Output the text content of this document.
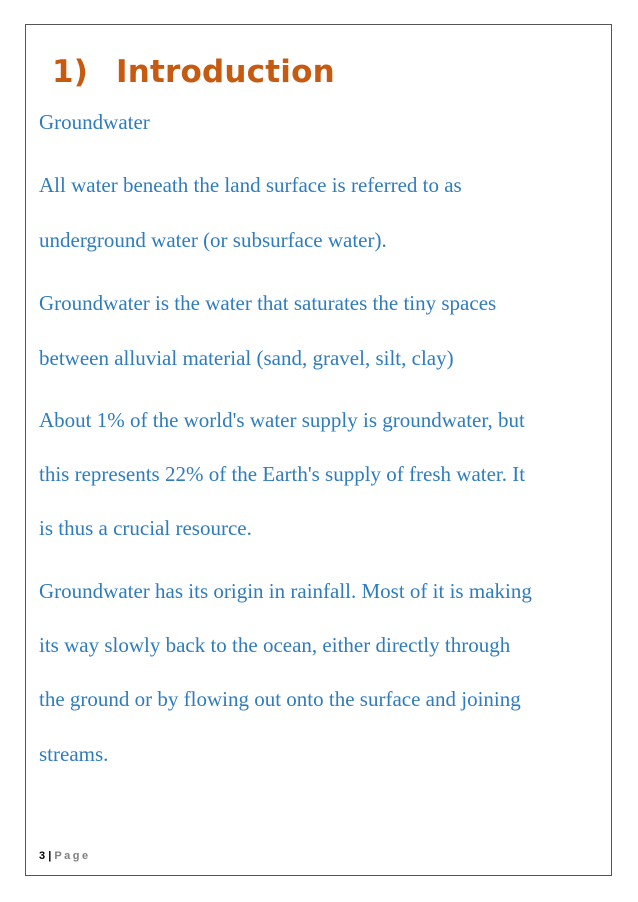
1) Introduction

Groundwater

All water beneath the land surface is referred to as

underground water (or subsurface water).

Groundwater is the water that saturates the tiny spaces

between alluvial material (sand, gravel, silt, clay)

About 1% of the world's water supply is groundwater, but

this represents 22% of the Earth's supply of fresh water. It

is thus a crucial resource.

Groundwater has its origin in rainfall. Most of it is making

its way slowly back to the ocean, either directly through

the ground or by flowing out onto the surface and joining

streams.

3 | Page
